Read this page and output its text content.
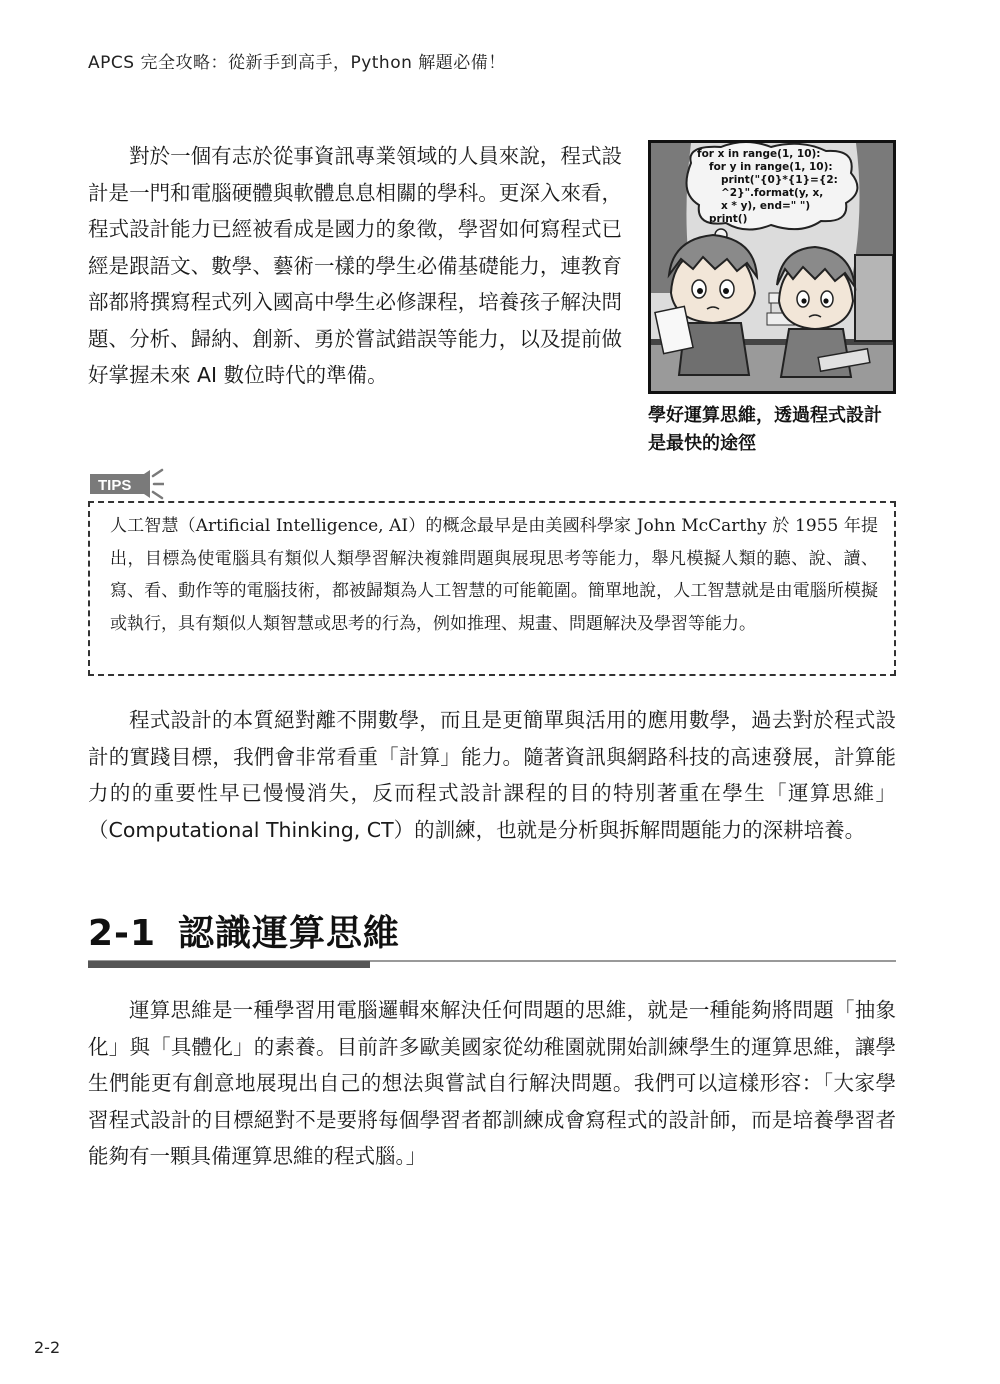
APCS 完全攻略：從新手到高手，Python 解題必備！

對於一個有志於從事資訊專業領域的人員來說，程式設計是一門和電腦硬體與軟體息息相關的學科。更深入來看，程式設計能力已經被看成是國力的象徵，學習如何寫程式已經是跟語文、數學、藝術一樣的學生必備基礎能力，連教育部都將撰寫程式列入國高中學生必修課程，培養孩子解決問題、分析、歸納、創新、勇於嘗試錯誤等能力，以及提前做好掌握未來 AI 數位時代的準備。

for x in range(1, 10):
for y in range(1, 10):
print("{0}*{1}={2:
^2}".format(y, x,
x * y), end=" ")
print()
學好運算思維，透過程式設計是最快的途徑
TIPS

人工智慧（Artificial Intelligence, AI）的概念最早是由美國科學家 John McCarthy 於 1955 年提出，目標為使電腦具有類似人類學習解決複雜問題與展現思考等能力，舉凡模擬人類的聽、說、讀、寫、看、動作等的電腦技術，都被歸類為人工智慧的可能範圍。簡單地說，人工智慧就是由電腦所模擬或執行，具有類似人類智慧或思考的行為，例如推理、規畫、問題解決及學習等能力。

程式設計的本質絕對離不開數學，而且是更簡單與活用的應用數學，過去對於程式設計的實踐目標，我們會非常看重「計算」能力。隨著資訊與網路科技的高速發展，計算能力的的重要性早已慢慢消失，反而程式設計課程的目的特別著重在學生「運算思維」（Computational Thinking, CT）的訓練，也就是分析與拆解問題能力的深耕培養。

2-1 認識運算思維

運算思維是一種學習用電腦邏輯來解決任何問題的思維，就是一種能夠將問題「抽象化」與「具體化」的素養。目前許多歐美國家從幼稚園就開始訓練學生的運算思維，讓學生們能更有創意地展現出自己的想法與嘗試自行解決問題。我們可以這樣形容：「大家學習程式設計的目標絕對不是要將每個學習者都訓練成會寫程式的設計師，而是培養學習者能夠有一顆具備運算思維的程式腦。」

2-2
